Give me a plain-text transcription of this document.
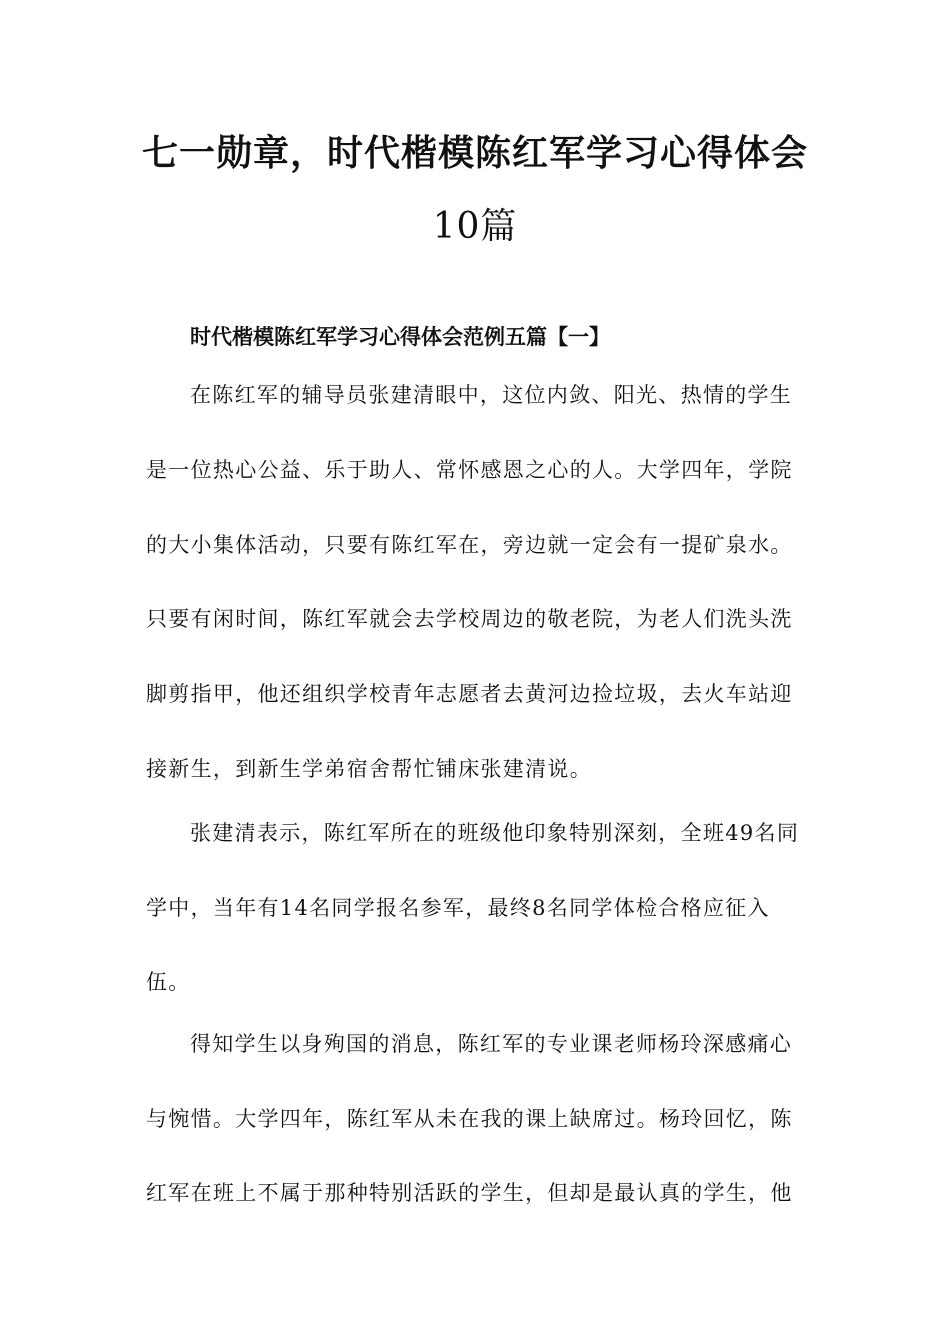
七一勋章，时代楷模陈红军学习心得体会
10篇
时代楷模陈红军学习心得体会范例五篇【一】
在陈红军的辅导员张建清眼中，这位内敛、阳光、热情的学生
是一位热心公益、乐于助人、常怀感恩之心的人。大学四年，学院
的大小集体活动，只要有陈红军在，旁边就一定会有一提矿泉水。
只要有闲时间，陈红军就会去学校周边的敬老院，为老人们洗头洗
脚剪指甲，他还组织学校青年志愿者去黄河边捡垃圾，去火车站迎
接新生，到新生学弟宿舍帮忙铺床张建清说。
张建清表示，陈红军所在的班级他印象特别深刻，全班49名同
学中，当年有14名同学报名参军，最终8名同学体检合格应征入
伍。
得知学生以身殉国的消息，陈红军的专业课老师杨玲深感痛心
与惋惜。大学四年，陈红军从未在我的课上缺席过。杨玲回忆，陈
红军在班上不属于那种特别活跃的学生，但却是最认真的学生，他
